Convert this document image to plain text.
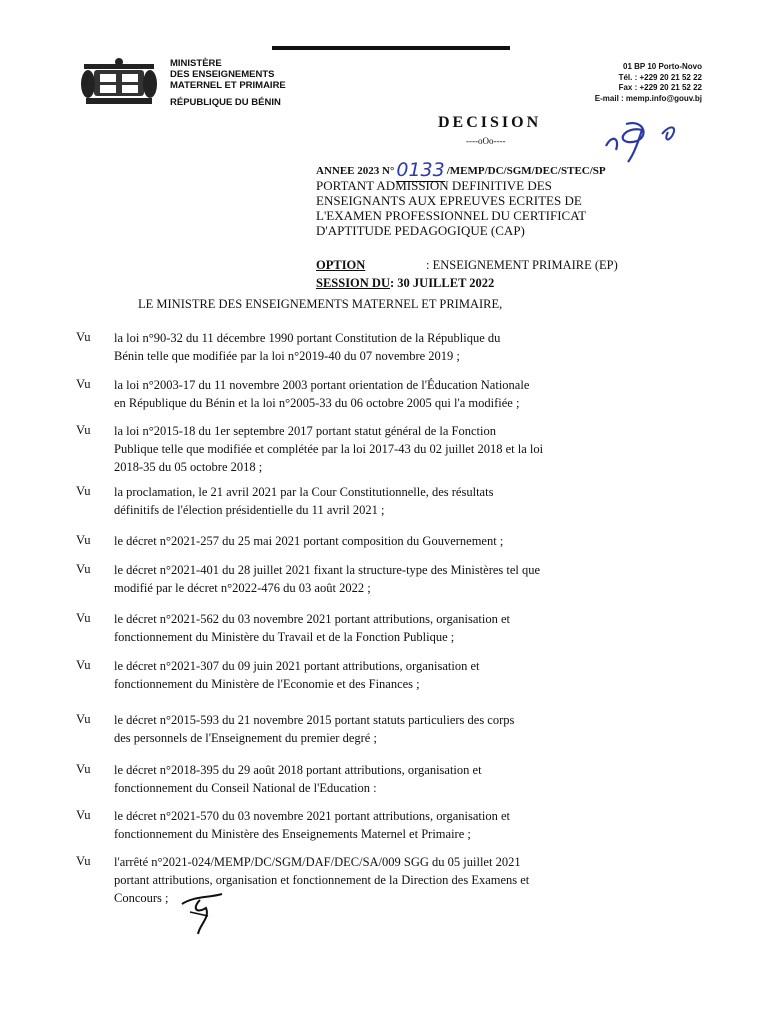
MINISTÈRE
DES ENSEIGNEMENTS
MATERNEL ET PRIMAIRE
RÉPUBLIQUE DU BÉNIN
01 BP 10 Porto-Novo
Tél. : +229 20 21 52 22
Fax : +229 20 21 52 22
E-mail : memp.info@gouv.bj
DECISION
----oOo----
ANNEE 2023 N° 0133 /MEMP/DC/SGM/DEC/STEC/SP
PORTANT ADMISSION DEFINITIVE DES
ENSEIGNANTS AUX EPREUVES ECRITES DE
L'EXAMEN PROFESSIONNEL DU CERTIFICAT
D'APTITUDE PEDAGOGIQUE (CAP)
OPTION	: ENSEIGNEMENT PRIMAIRE (EP)
SESSION DU: 30 JUILLET 2022
LE MINISTRE DES ENSEIGNEMENTS MATERNEL ET PRIMAIRE,
Vu la loi n°90-32 du 11 décembre 1990 portant Constitution de la République du
Bénin telle que modifiée par la loi n°2019-40 du 07 novembre 2019 ;
Vu la loi n°2003-17 du 11 novembre 2003 portant orientation de l'Éducation Nationale
en République du Bénin et la loi n°2005-33 du 06 octobre 2005 qui l'a modifiée ;
Vu la loi n°2015-18 du 1er septembre 2017 portant statut général de la Fonction
Publique telle que modifiée et complétée par la loi 2017-43 du 02 juillet 2018 et la loi
2018-35 du 05 octobre 2018 ;
Vu la proclamation, le 21 avril 2021 par la Cour Constitutionnelle, des résultats
définitifs de l'élection présidentielle du 11 avril 2021 ;
Vu le décret n°2021-257 du 25 mai 2021 portant composition du Gouvernement ;
Vu le décret n°2021-401 du 28 juillet 2021 fixant la structure-type des Ministères tel que
modifié par le décret n°2022-476 du 03 août 2022 ;
Vu le décret n°2021-562 du 03 novembre 2021 portant attributions, organisation et
fonctionnement du Ministère du Travail et de la Fonction Publique ;
Vu le décret n°2021-307 du 09 juin 2021 portant attributions, organisation et
fonctionnement du Ministère de l'Economie et des Finances ;
Vu le décret n°2015-593 du 21 novembre 2015 portant statuts particuliers des corps
des personnels de l'Enseignement du premier degré ;
Vu le décret n°2018-395 du 29 août 2018 portant attributions, organisation et
fonctionnement du Conseil National de l'Education :
Vu le décret n°2021-570 du 03 novembre 2021 portant attributions, organisation et
fonctionnement du Ministère des Enseignements Maternel et Primaire ;
Vu l'arrêté n°2021-024/MEMP/DC/SGM/DAF/DEC/SA/009 SGG du 05 juillet 2021
portant attributions, organisation et fonctionnement de la Direction des Examens et
Concours ;
